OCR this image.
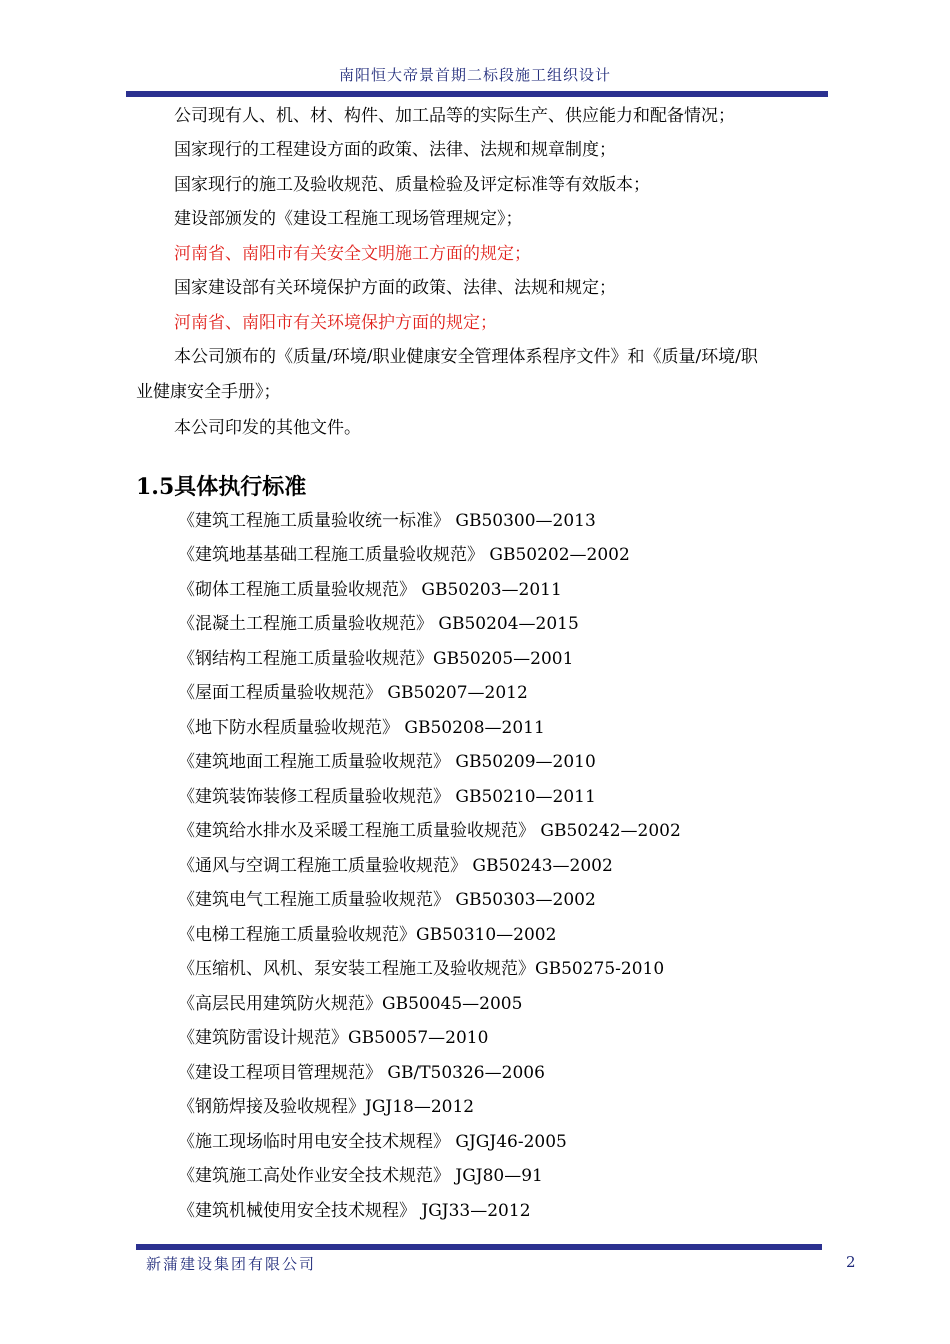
南阳恒大帝景首期二标段施工组织设计
公司现有人、机、材、构件、加工品等的实际生产、供应能力和配备情况；
国家现行的工程建设方面的政策、法律、法规和规章制度；
国家现行的施工及验收规范、质量检验及评定标准等有效版本；
建设部颁发的《建设工程施工现场管理规定》；
河南省、南阳市有关安全文明施工方面的规定；
国家建设部有关环境保护方面的政策、法律、法规和规定；
河南省、南阳市有关环境保护方面的规定；
本公司颁布的《质量/环境/职业健康安全管理体系程序文件》和《质量/环境/职
业健康安全手册》；
本公司印发的其他文件。
1.5具体执行标准
《建筑工程施工质量验收统一标准》 GB50300—2013
《建筑地基基础工程施工质量验收规范》 GB50202—2002
《砌体工程施工质量验收规范》 GB50203—2011
《混凝土工程施工质量验收规范》 GB50204—2015
《钢结构工程施工质量验收规范》GB50205—2001
《屋面工程质量验收规范》 GB50207—2012
《地下防水程质量验收规范》 GB50208—2011
《建筑地面工程施工质量验收规范》 GB50209—2010
《建筑装饰装修工程质量验收规范》 GB50210—2011
《建筑给水排水及采暖工程施工质量验收规范》 GB50242—2002
《通风与空调工程施工质量验收规范》 GB50243—2002
《建筑电气工程施工质量验收规范》 GB50303—2002
《电梯工程施工质量验收规范》GB50310—2002
《压缩机、风机、泵安装工程施工及验收规范》GB50275-2010
《高层民用建筑防火规范》GB50045—2005
《建筑防雷设计规范》GB50057—2010
《建设工程项目管理规范》 GB/T50326—2006
《钢筋焊接及验收规程》JGJ18—2012
《施工现场临时用电安全技术规程》 GJGJ46-2005
《建筑施工高处作业安全技术规范》 JGJ80—91
《建筑机械使用安全技术规程》 JGJ33—2012
新蒲建设集团有限公司	2
